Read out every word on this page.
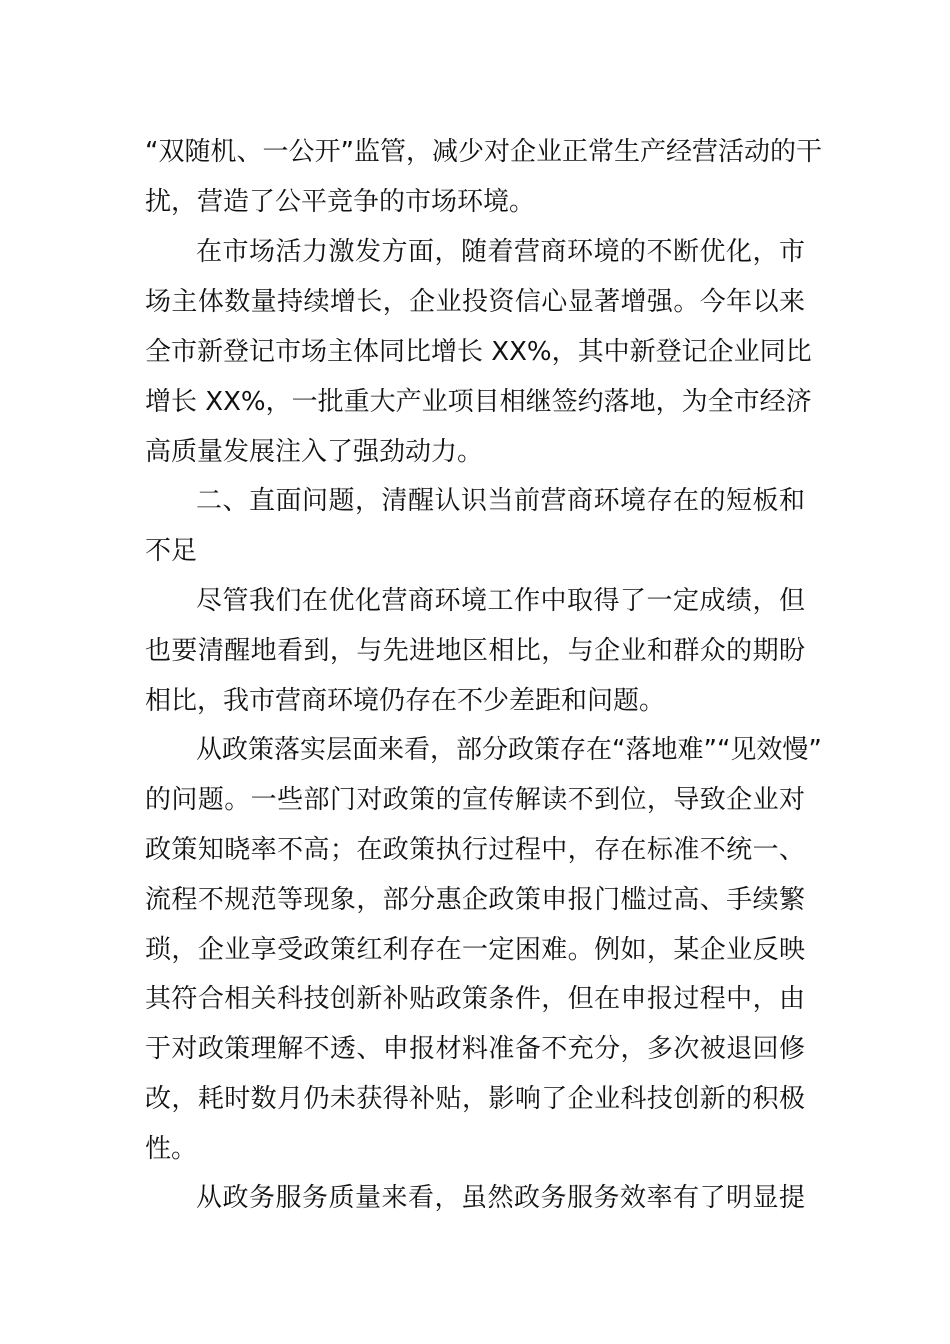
“双随机、一公开”监管，减少对企业正常生产经营活动的干
扰，营造了公平竞争的市场环境。
在市场活力激发方面，随着营商环境的不断优化，市
场主体数量持续增长，企业投资信心显著增强。今年以来
全市新登记市场主体同比增长 XX%，其中新登记企业同比
增长 XX%，一批重大产业项目相继签约落地，为全市经济
高质量发展注入了强劲动力。
二、直面问题，清醒认识当前营商环境存在的短板和
不足
尽管我们在优化营商环境工作中取得了一定成绩，但
也要清醒地看到，与先进地区相比，与企业和群众的期盼
相比，我市营商环境仍存在不少差距和问题。
从政策落实层面来看，部分政策存在“落地难”“见效慢”
的问题。一些部门对政策的宣传解读不到位，导致企业对
政策知晓率不高；在政策执行过程中，存在标准不统一、
流程不规范等现象，部分惠企政策申报门槛过高、手续繁
琐，企业享受政策红利存在一定困难。例如，某企业反映
其符合相关科技创新补贴政策条件，但在申报过程中，由
于对政策理解不透、申报材料准备不充分，多次被退回修
改，耗时数月仍未获得补贴，影响了企业科技创新的积极
性。
从政务服务质量来看，虽然政务服务效率有了明显提
